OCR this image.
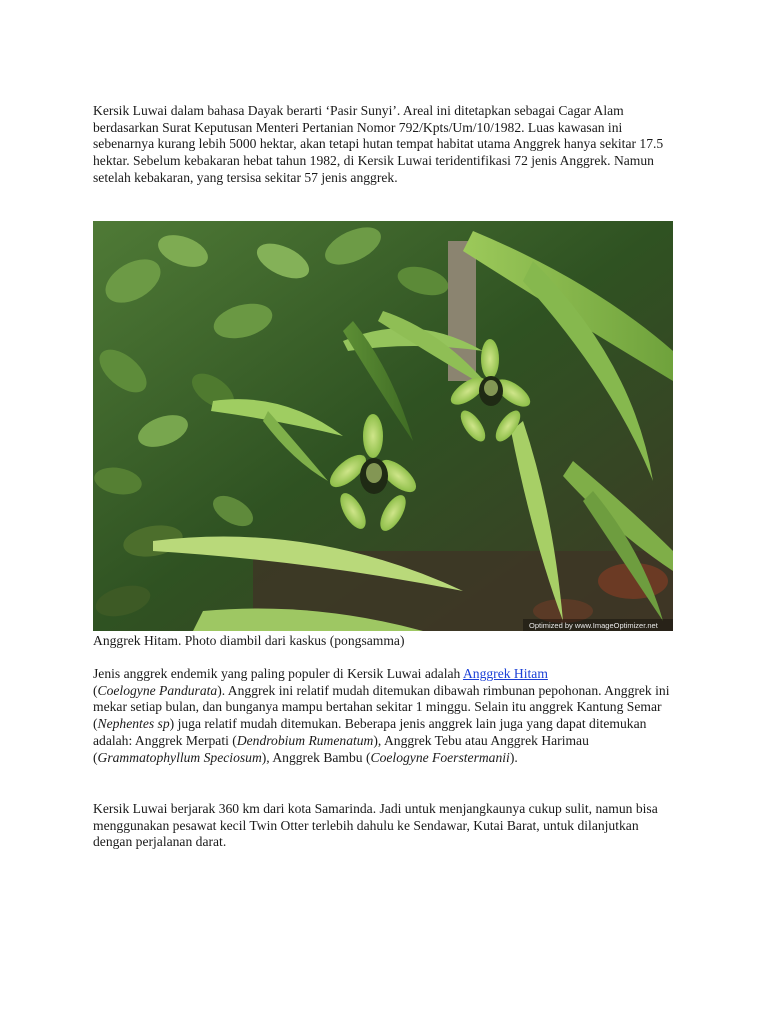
Kersik Luwai dalam bahasa Dayak berarti ‘Pasir Sunyi’. Areal ini ditetapkan sebagai Cagar Alam berdasarkan Surat Keputusan Menteri Pertanian Nomor 792/Kpts/Um/10/1982. Luas kawasan ini sebenarnya kurang lebih 5000 hektar, akan tetapi hutan tempat habitat utama Anggrek hanya sekitar 17.5 hektar. Sebelum kebakaran hebat tahun 1982, di Kersik Luwai teridentifikasi 72 jenis Anggrek. Namun setelah kebakaran, yang tersisa sekitar 57 jenis anggrek.

Optimized by www.ImageOptimizer.net

Anggrek Hitam. Photo diambil dari kaskus (pongsamma)

Jenis anggrek endemik yang paling populer di Kersik Luwai adalah Anggrek Hitam
(Coelogyne Pandurata). Anggrek ini relatif mudah ditemukan dibawah rimbunan pepohonan. Anggrek ini mekar setiap bulan, dan bunganya mampu bertahan sekitar 1 minggu. Selain itu anggrek Kantung Semar (Nephentes sp) juga relatif mudah ditemukan. Beberapa jenis anggrek lain juga yang dapat ditemukan adalah: Anggrek Merpati (Dendrobium Rumenatum), Anggrek Tebu atau Anggrek Harimau (Grammatophyllum Speciosum), Anggrek Bambu (Coelogyne Foerstermanii).

Kersik Luwai berjarak 360 km dari kota Samarinda. Jadi untuk menjangkaunya cukup sulit, namun bisa menggunakan pesawat kecil Twin Otter terlebih dahulu ke Sendawar, Kutai Barat, untuk dilanjutkan dengan perjalanan darat.
